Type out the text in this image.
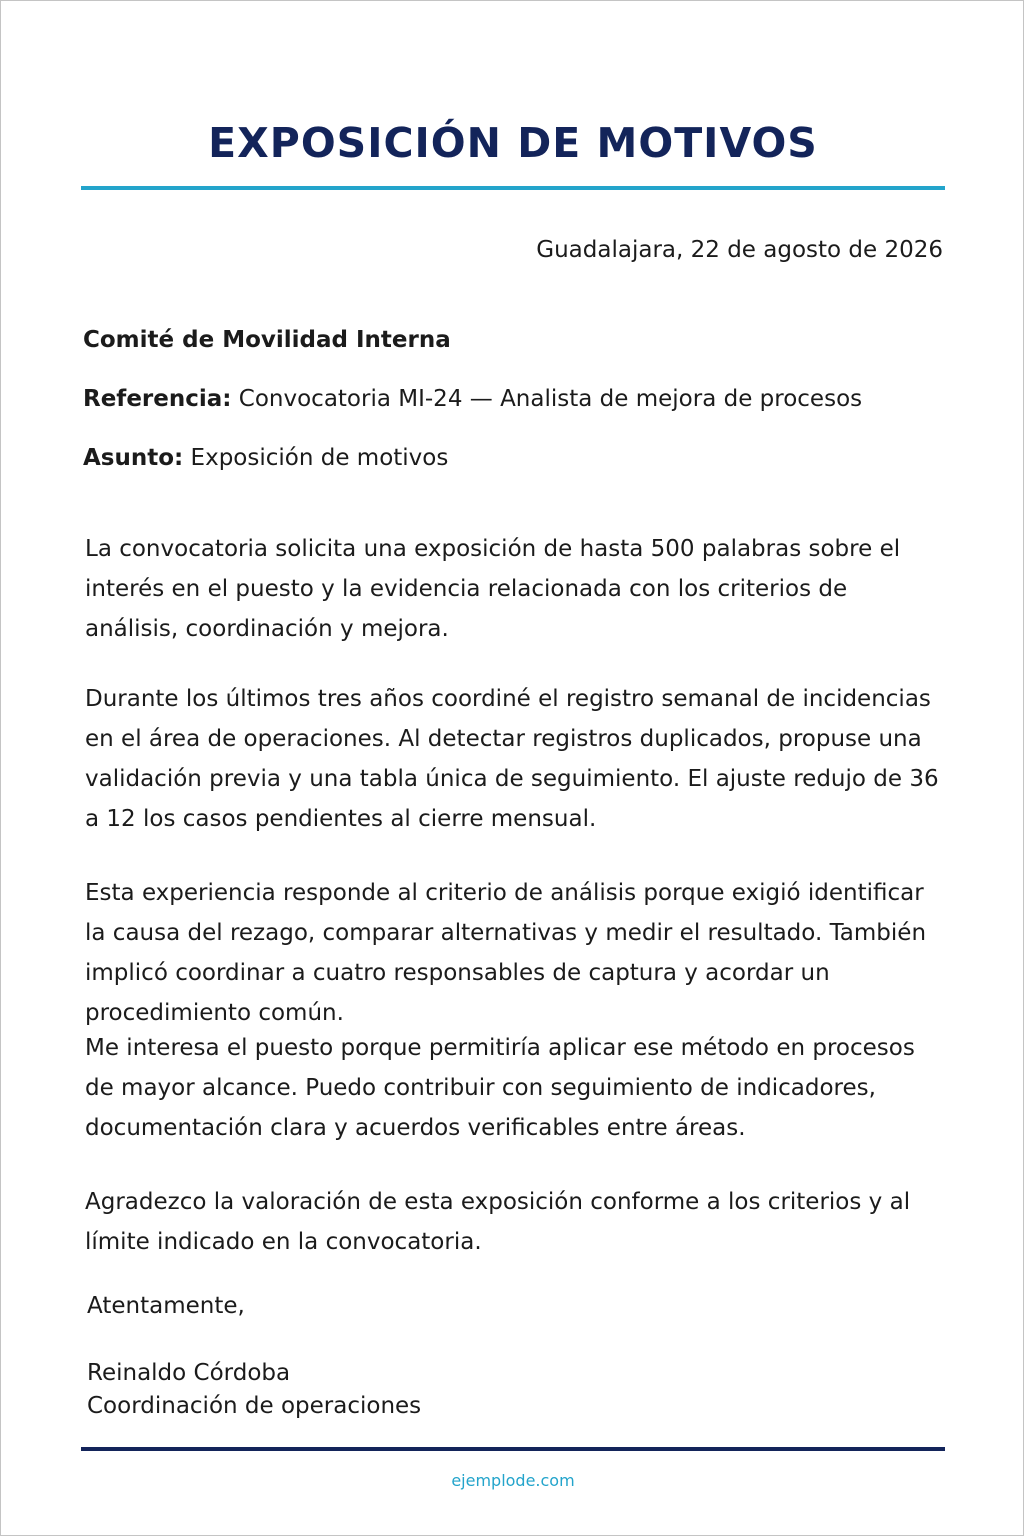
EXPOSICIÓN DE MOTIVOS
Guadalajara, 22 de agosto de 2026
Comité de Movilidad Interna
Referencia: Convocatoria MI-24 — Analista de mejora de procesos
Asunto: Exposición de motivos
La convocatoria solicita una exposición de hasta 500 palabras sobre el interés en el puesto y la evidencia relacionada con los criterios de análisis, coordinación y mejora.
Durante los últimos tres años coordiné el registro semanal de incidencias en el área de operaciones. Al detectar registros duplicados, propuse una validación previa y una tabla única de seguimiento. El ajuste redujo de 36 a 12 los casos pendientes al cierre mensual.
Esta experiencia responde al criterio de análisis porque exigió identificar la causa del rezago, comparar alternativas y medir el resultado. También implicó coordinar a cuatro responsables de captura y acordar un procedimiento común.
Me interesa el puesto porque permitiría aplicar ese método en procesos de mayor alcance. Puedo contribuir con seguimiento de indicadores, documentación clara y acuerdos verificables entre áreas.
Agradezco la valoración de esta exposición conforme a los criterios y al límite indicado en la convocatoria.
Atentamente,
Reinaldo Córdoba
Coordinación de operaciones
ejemplode.com
